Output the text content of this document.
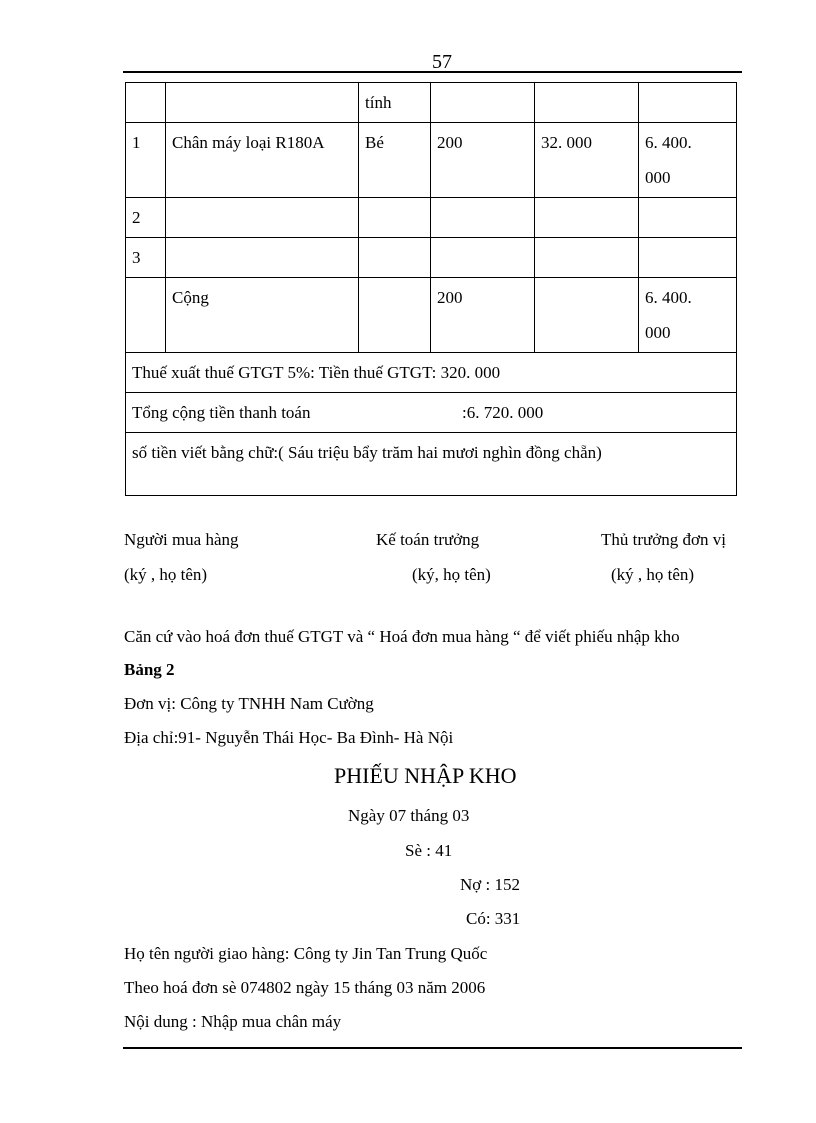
57
		tính			
1	Chân máy loại R180A	Bé	200	32. 000	6. 400.
000
2					
3					
	Cộng		200		6. 400.
000
Thuế xuất thuế GTGT 5%: Tiền thuế GTGT: 320. 000					
Tổng cộng tiền thanh toán :6. 720. 000					
số tiền viết bằng chữ:( Sáu triệu bẩy trăm hai mươi nghìn đồng chẵn)					
Người mua hàng	Kế toán trưởng	Thủ trưởng đơn vị
(ký , họ tên)	(ký, họ tên)	(ký , họ tên)
Căn cứ vào hoá đơn thuế GTGT và “ Hoá đơn mua hàng “ để viết phiếu nhập kho
Bảng 2
Đơn vị: Công ty TNHH Nam Cường
Địa chỉ:91- Nguyễn Thái Học- Ba Đình- Hà Nội
PHIẾU NHẬP KHO
Ngày 07 tháng 03
Sè : 41
Nợ : 152
Có: 331
Họ tên người giao hàng: Công ty Jin Tan Trung Quốc
Theo hoá đơn sè 074802 ngày 15 tháng 03 năm 2006
Nội dung : Nhập mua chân máy
